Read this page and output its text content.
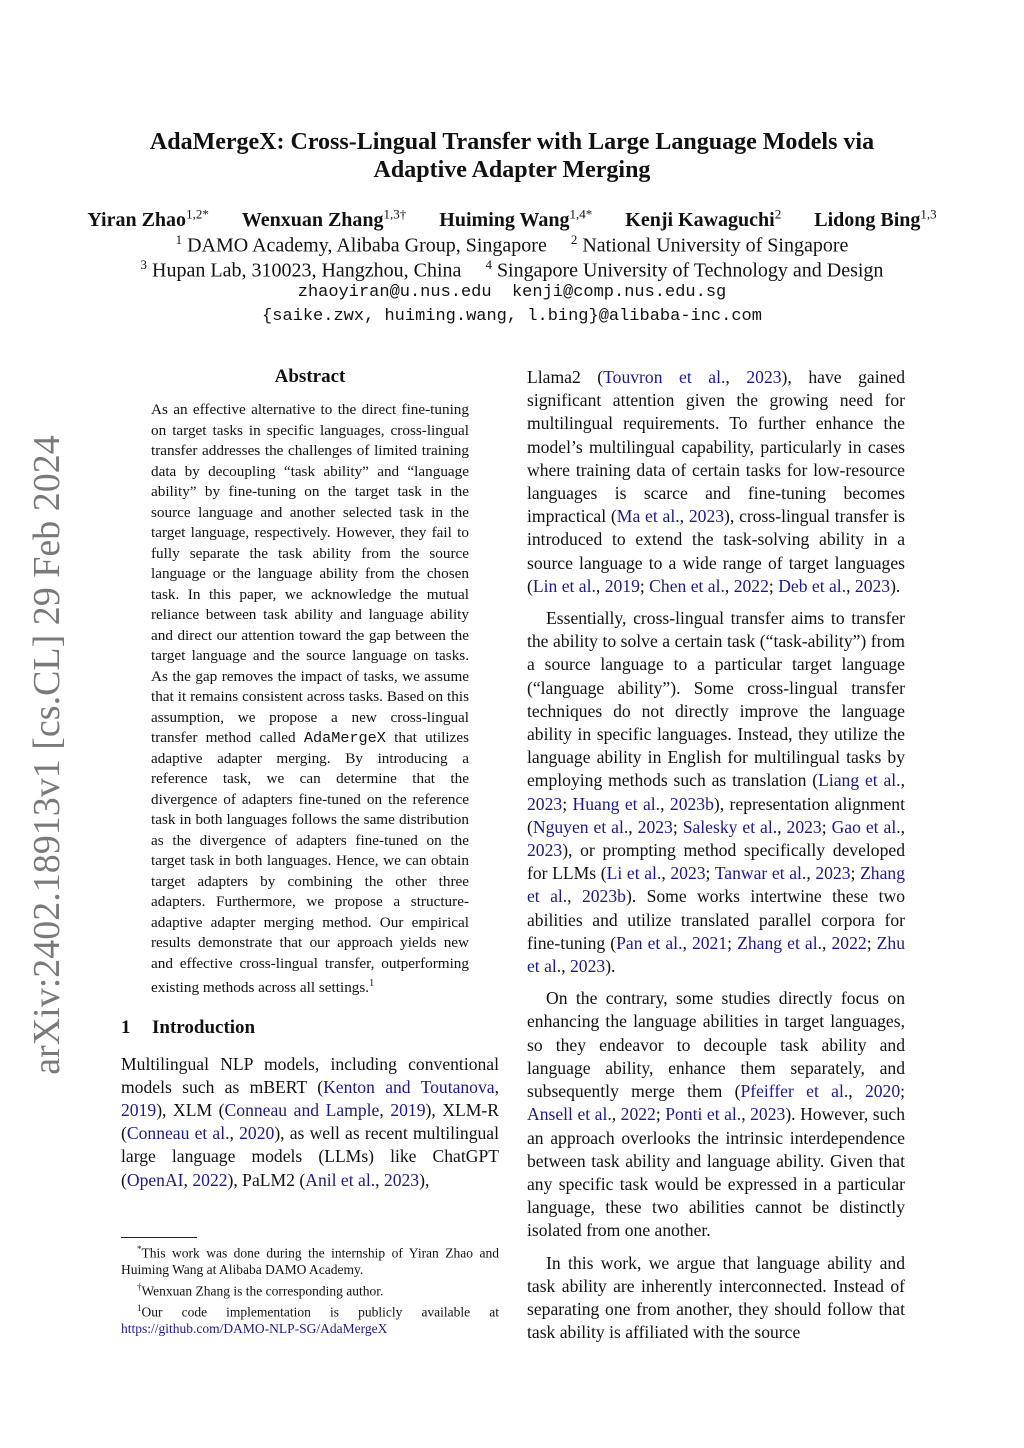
arXiv:2402.18913v1 [cs.CL] 29 Feb 2024
AdaMergeX: Cross-Lingual Transfer with Large Language Models via
Adaptive Adapter Merging
Yiran Zhao$^{1,2*}$ Wenxuan Zhang$^{1,3\dagger}$ Huiming Wang$^{1,4*}$ Kenji Kawaguchi$^2$ Lidong Bing$^{1,3}$
$^1$ DAMO Academy, Alibaba Group, Singapore $^2$ National University of Singapore
$^3$ Hupan Lab, 310023, Hangzhou, China $^4$ Singapore University of Technology and Design
zhaoyiran@u.nus.edu  kenji@comp.nus.edu.sg
{saike.zwx, huiming.wang, l.bing}@alibaba-inc.com
Abstract

As an effective alternative to the direct fine-tuning on target tasks in specific languages, cross-lingual transfer addresses the challenges of limited training data by decoupling “task ability” and “language ability” by fine-tuning on the target task in the source language and another selected task in the target language, respectively. However, they fail to fully separate the task ability from the source language or the language ability from the chosen task. In this paper, we acknowledge the mutual reliance between task ability and language ability and direct our attention toward the gap between the target language and the source language on tasks. As the gap removes the impact of tasks, we assume that it remains consistent across tasks. Based on this assumption, we propose a new cross-lingual transfer method called AdaMergeX that utilizes adaptive adapter merging. By introducing a reference task, we can determine that the divergence of adapters fine-tuned on the reference task in both languages follows the same distribution as the divergence of adapters fine-tuned on the target task in both languages. Hence, we can obtain target adapters by combining the other three adapters. Furthermore, we propose a structure-adaptive adapter merging method. Our empirical results demonstrate that our approach yields new and effective cross-lingual transfer, outperforming existing methods across all settings.$^1$

1 Introduction

Multilingual NLP models, including conventional models such as mBERT (Kenton and Toutanova, 2019), XLM (Conneau and Lample, 2019), XLM-R (Conneau et al., 2020), as well as recent multilingual large language models (LLMs) like ChatGPT (OpenAI, 2022), PaLM2 (Anil et al., 2023),

*This work was done during the internship of Yiran Zhao and Huiming Wang at Alibaba DAMO Academy.

†Wenxuan Zhang is the corresponding author.

$^1$Our code implementation is publicly available at https://github.com/DAMO-NLP-SG/AdaMergeX

Llama2 (Touvron et al., 2023), have gained significant attention given the growing need for multilingual requirements. To further enhance the model’s multilingual capability, particularly in cases where training data of certain tasks for low-resource languages is scarce and fine-tuning becomes impractical (Ma et al., 2023), cross-lingual transfer is introduced to extend the task-solving ability in a source language to a wide range of target languages (Lin et al., 2019; Chen et al., 2022; Deb et al., 2023).

Essentially, cross-lingual transfer aims to transfer the ability to solve a certain task (“task-ability”) from a source language to a particular target language (“language ability”). Some cross-lingual transfer techniques do not directly improve the language ability in specific languages. Instead, they utilize the language ability in English for multilingual tasks by employing methods such as translation (Liang et al., 2023; Huang et al., 2023b), representation alignment (Nguyen et al., 2023; Salesky et al., 2023; Gao et al., 2023), or prompting method specifically developed for LLMs (Li et al., 2023; Tanwar et al., 2023; Zhang et al., 2023b). Some works intertwine these two abilities and utilize translated parallel corpora for fine-tuning (Pan et al., 2021; Zhang et al., 2022; Zhu et al., 2023).

On the contrary, some studies directly focus on enhancing the language abilities in target languages, so they endeavor to decouple task ability and language ability, enhance them separately, and subsequently merge them (Pfeiffer et al., 2020; Ansell et al., 2022; Ponti et al., 2023). However, such an approach overlooks the intrinsic interdependence between task ability and language ability. Given that any specific task would be expressed in a particular language, these two abilities cannot be distinctly isolated from one another.

In this work, we argue that language ability and task ability are inherently interconnected. Instead of separating one from another, they should follow that task ability is affiliated with the source
